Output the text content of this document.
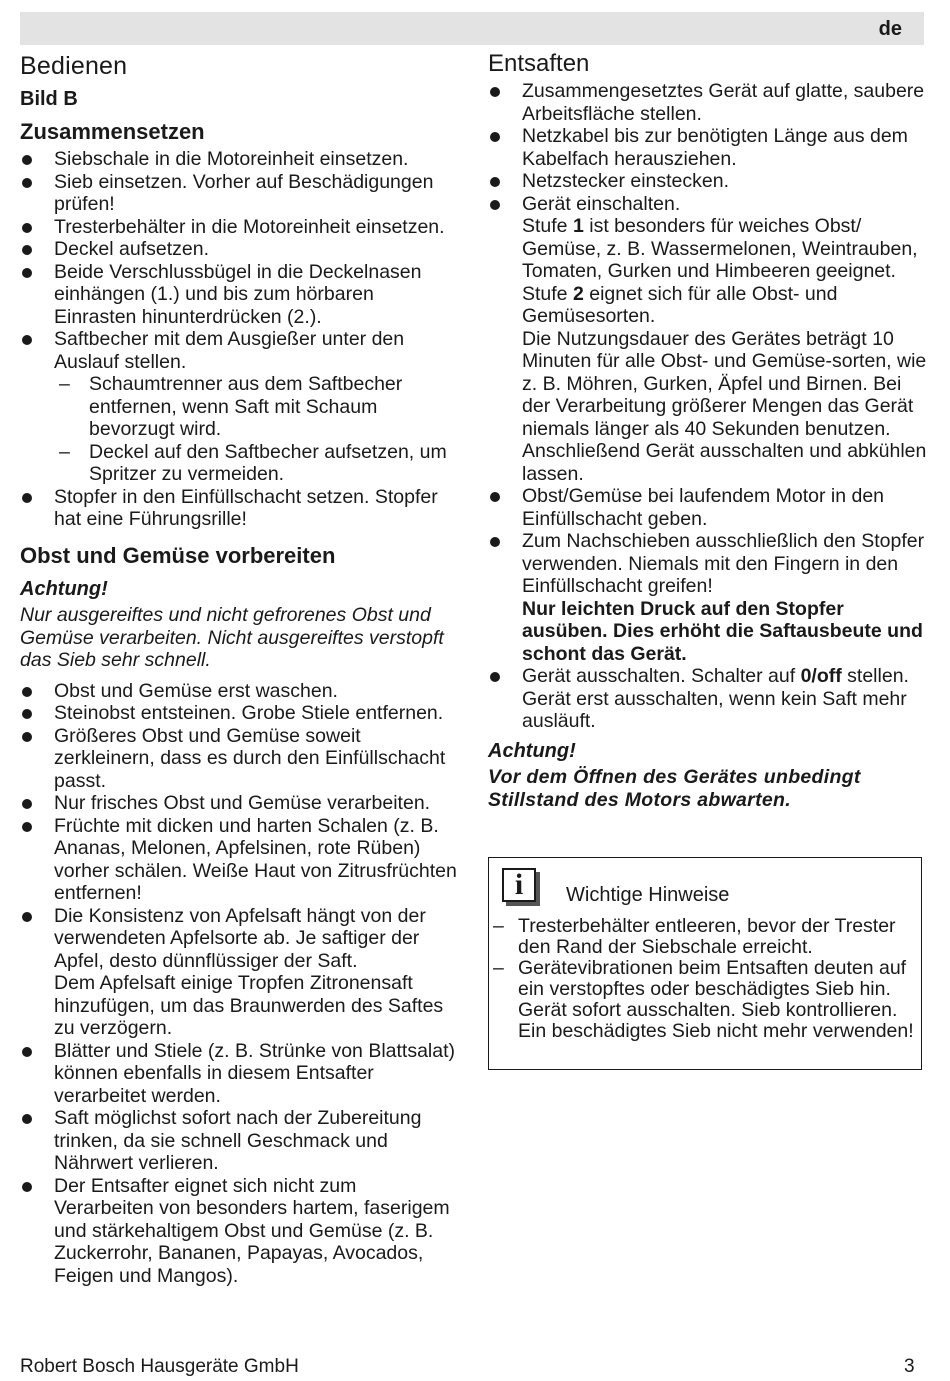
de
Bedienen
Bild B
Zusammensetzen
Siebschale in die Motoreinheit einsetzen.
Sieb einsetzen. Vorher auf Beschädigungen prüfen!
Tresterbehälter in die Motoreinheit einsetzen.
Deckel aufsetzen.
Beide Verschlussbügel in die Deckelnasen einhängen (1.) und bis zum hörbaren Einrasten hinunterdrücken (2.).
Saftbecher mit dem Ausgießer unter den Auslauf stellen.
– Schaumtrenner aus dem Saftbecher entfernen, wenn Saft mit Schaum bevorzugt wird.
– Deckel auf den Saftbecher aufsetzen, um Spritzer zu vermeiden.
Stopfer in den Einfüllschacht setzen. Stopfer hat eine Führungsrille!
Obst und Gemüse vorbereiten
Achtung!

Nur ausgereiftes und nicht gefrorenes Obst und Gemüse verarbeiten. Nicht ausgereiftes verstopft das Sieb sehr schnell.

Obst und Gemüse erst waschen.
Steinobst entsteinen. Grobe Stiele entfernen.
Größeres Obst und Gemüse soweit zerkleinern, dass es durch den Einfüllschacht passt.
Nur frisches Obst und Gemüse verarbeiten.
Früchte mit dicken und harten Schalen (z. B. Ananas, Melonen, Apfelsinen, rote Rüben) vorher schälen. Weiße Haut von Zitrusfrüchten entfernen!
Die Konsistenz von Apfelsaft hängt von der verwendeten Apfelsorte ab. Je saftiger der Apfel, desto dünnflüssiger der Saft.
Dem Apfelsaft einige Tropfen Zitronensaft hinzufügen, um das Braunwerden des Saftes zu verzögern.
Blätter und Stiele (z. B. Strünke von Blattsalat) können ebenfalls in diesem Entsafter verarbeitet werden.
Saft möglichst sofort nach der Zubereitung trinken, da sie schnell Geschmack und Nährwert verlieren.
Der Entsafter eignet sich nicht zum Verarbeiten von besonders hartem, faserigem und stärkehaltigem Obst und Gemüse (z. B. Zuckerrohr, Bananen, Papayas, Avocados, Feigen und Mangos).
Entsaften
Zusammengesetztes Gerät auf glatte, saubere Arbeitsfläche stellen.
Netzkabel bis zur benötigten Länge aus dem Kabelfach herausziehen.
Netzstecker einstecken.
Gerät einschalten.
Stufe 1 ist besonders für weiches Obst/ Gemüse, z. B. Wassermelonen, Weintrauben, Tomaten, Gurken und Himbeeren geeignet.
Stufe 2 eignet sich für alle Obst- und Gemüsesorten.
Die Nutzungsdauer des Gerätes beträgt 10 Minuten für alle Obst- und Gemüse-sorten, wie z. B. Möhren, Gurken, Äpfel und Birnen. Bei der Verarbeitung größerer Mengen das Gerät niemals länger als 40 Sekunden benutzen. Anschließend Gerät ausschalten und abkühlen lassen.
Obst/Gemüse bei laufendem Motor in den Einfüllschacht geben.
Zum Nachschieben ausschließlich den Stopfer verwenden. Niemals mit den Fingern in den Einfüllschacht greifen!
Nur leichten Druck auf den Stopfer ausüben. Dies erhöht die Saftausbeute und schont das Gerät.
Gerät ausschalten. Schalter auf 0/off stellen. Gerät erst ausschalten, wenn kein Saft mehr ausläuft.
Achtung!

Vor dem Öffnen des Gerätes unbedingt Stillstand des Motors abwarten.

i	Wichtige Hinweise
– Tresterbehälter entleeren, bevor der Trester den Rand der Siebschale erreicht.
– Gerätevibrationen beim Entsaften deuten auf ein verstopftes oder beschädigtes Sieb hin. Gerät sofort ausschalten. Sieb kontrollieren. Ein beschädigtes Sieb nicht mehr verwenden!
Robert Bosch Hausgeräte GmbH	3
